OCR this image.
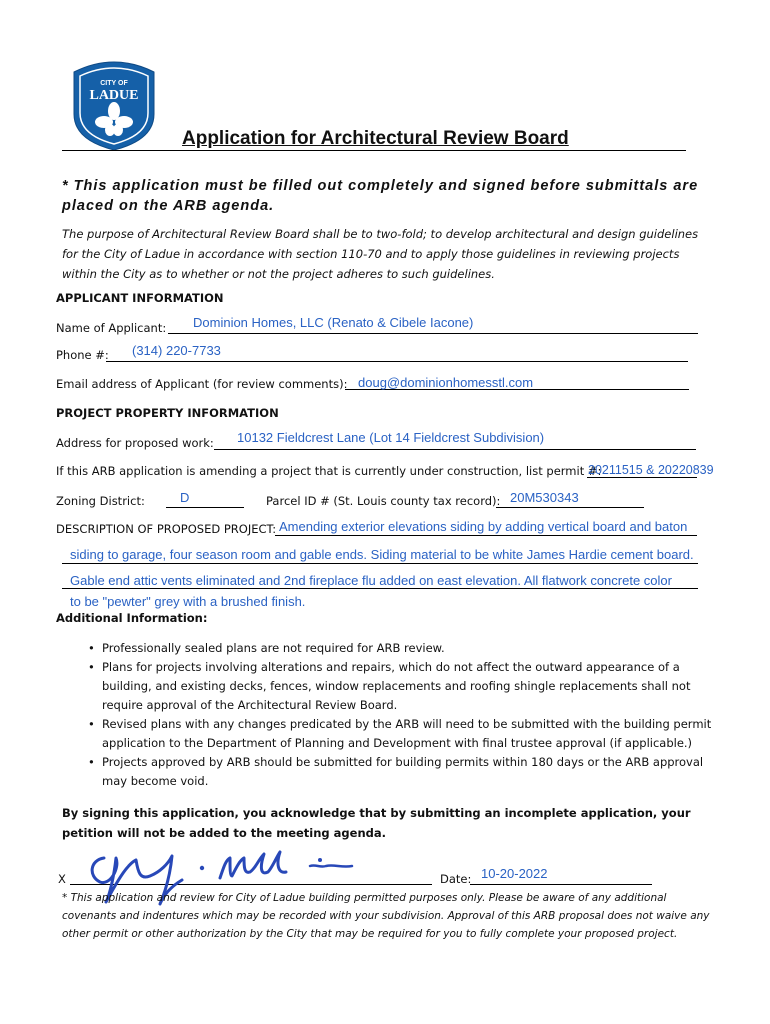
CITY OF
LADUE
Application for Architectural Review Board
* This application must be filled out completely and signed before submittals are placed on the ARB agenda.
The purpose of Architectural Review Board shall be to two-fold; to develop architectural and design guidelines for the City of Ladue in accordance with section 110-70 and to apply those guidelines in reviewing projects within the City as to whether or not the project adheres to such guidelines.
APPLICANT INFORMATION
Name of Applicant: Dominion Homes, LLC (Renato & Cibele Iacone)
Phone #: (314) 220-7733
Email address of Applicant (for review comments): doug@dominionhomesstl.com
PROJECT PROPERTY INFORMATION
Address for proposed work: 10132 Fieldcrest Lane (Lot 14 Fieldcrest Subdivision)
If this ARB application is amending a project that is currently under construction, list permit #:
20211515 & 20220839
Zoning District:	D	Parcel ID # (St. Louis county tax record): 20M530343
DESCRIPTION OF PROPOSED PROJECT: Amending exterior elevations siding by adding vertical board and baton
siding to garage, four season room and gable ends. Siding material to be white James Hardie cement board.
Gable end attic vents eliminated and 2nd fireplace flu added on east elevation. All flatwork concrete color
to be "pewter" grey with a brushed finish.
Additional Information:
• Professionally sealed plans are not required for ARB review.
• Plans for projects involving alterations and repairs, which do not affect the outward appearance of a building, and existing decks, fences, window replacements and roofing shingle replacements shall not require approval of the Architectural Review Board.
• Revised plans with any changes predicated by the ARB will need to be submitted with the building permit application to the Department of Planning and Development with final trustee approval (if applicable.)
• Projects approved by ARB should be submitted for building permits within 180 days or the ARB approval may become void.
By signing this application, you acknowledge that by submitting an incomplete application, your petition will not be added to the meeting agenda.
X	Date: 10-20-2022
* This application and review for City of Ladue building permitted purposes only. Please be aware of any additional covenants and indentures which may be recorded with your subdivision. Approval of this ARB proposal does not waive any other permit or other authorization by the City that may be required for you to fully complete your proposed project.
